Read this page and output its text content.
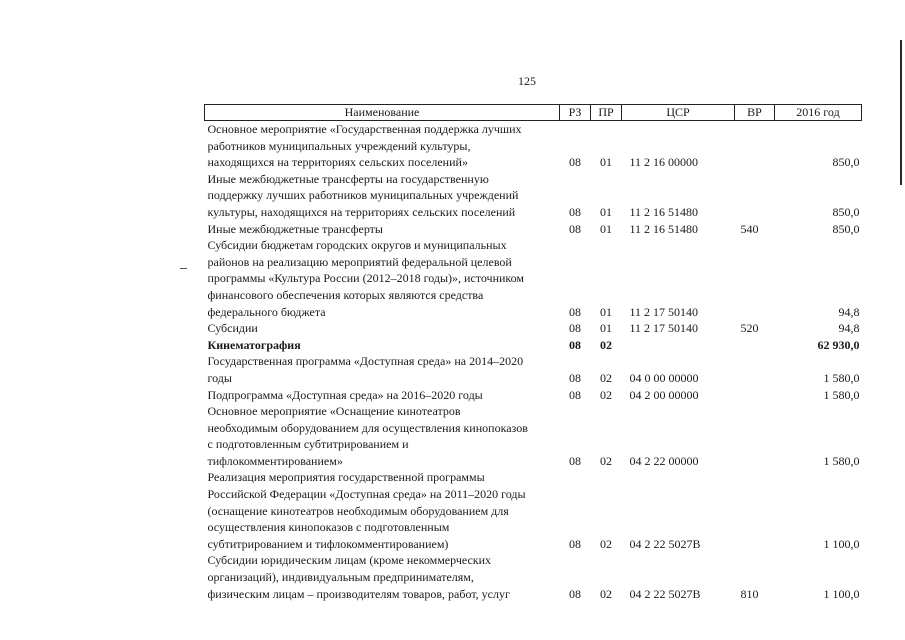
125
Наименование	РЗ	ПР	ЦСР	ВР	2016 год

Основное мероприятие «Государственная поддержка лучших
работников муниципальных учреждений культуры,
находящихся на территориях сельских поселений»	08	01	11 2 16 00000		850,0

Иные межбюджетные трансферты на государственную
поддержку лучших работников муниципальных учреждений
культуры, находящихся на территориях сельских поселений	08	01	11 2 16 51480		850,0

Иные межбюджетные трансферты	08	01	11 2 16 51480	540	850,0

Субсидии бюджетам городских округов и муниципальных
районов на реализацию мероприятий федеральной целевой
программы «Культура России (2012–2018 годы)», источником
финансового обеспечения которых являются средства
федерального бюджета	08	01	11 2 17 50140		94,8

Субсидии	08	01	11 2 17 50140	520	94,8

Кинематография	08	02			62 930,0

Государственная программа «Доступная среда» на 2014–2020
годы	08	02	04 0 00 00000		1 580,0

Подпрограмма «Доступная среда» на 2016–2020 годы	08	02	04 2 00 00000		1 580,0

Основное мероприятие «Оснащение кинотеатров
необходимым оборудованием для осуществления кинопоказов
с подготовленным субтитрированием и
тифлокомментированием»	08	02	04 2 22 00000		1 580,0

Реализация мероприятия государственной программы
Российской Федерации «Доступная среда» на 2011–2020 годы
(оснащение кинотеатров необходимым оборудованием для
осуществления кинопоказов с подготовленным
субтитрированием и тифлокомментированием)	08	02	04 2 22 5027В		1 100,0

Субсидии юридическим лицам (кроме некоммерческих
организаций), индивидуальным предпринимателям,
физическим лицам – производителям товаров, работ, услуг	08	02	04 2 22 5027В	810	1 100,0
